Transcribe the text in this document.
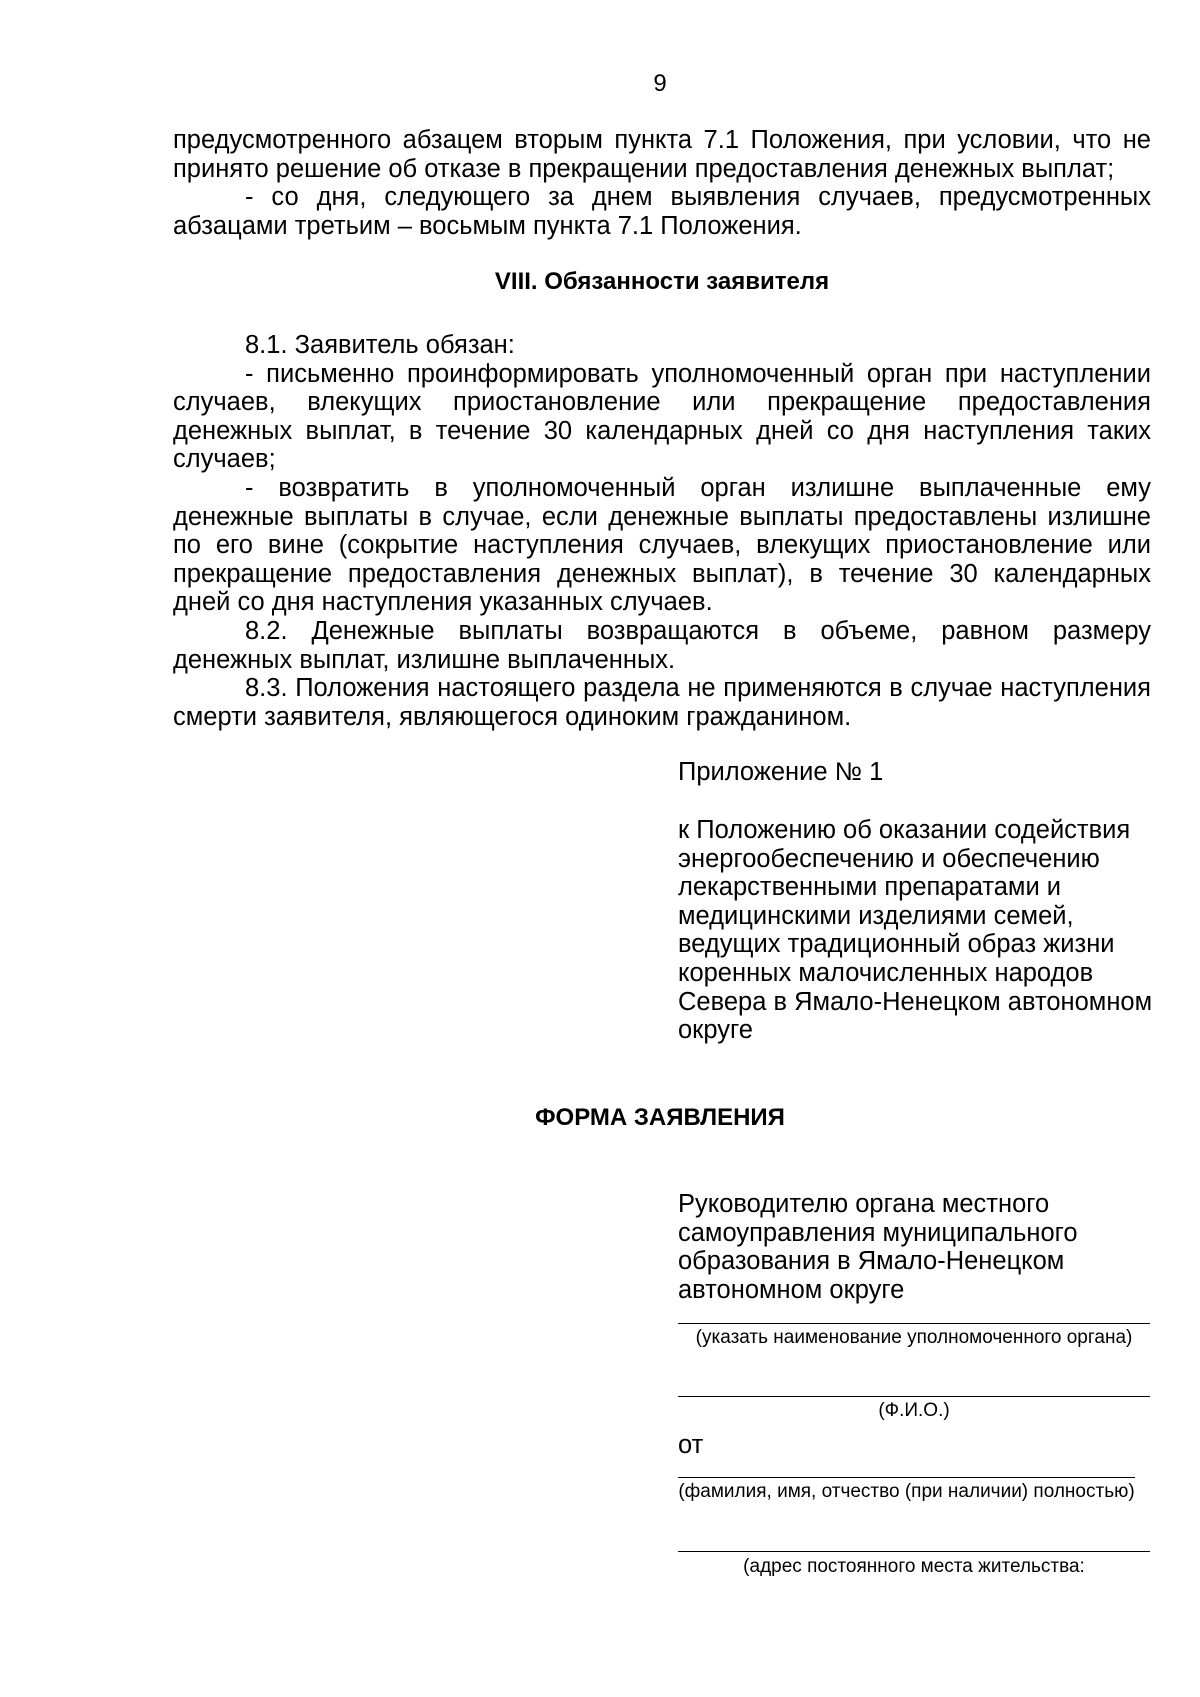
9

предусмотренного абзацем вторым пункта 7.1 Положения, при условии, что не принято решение об отказе в прекращении предоставления денежных выплат;

- со дня, следующего за днем выявления случаев, предусмотренных абзацами третьим – восьмым пункта 7.1 Положения.

VIII. Обязанности заявителя

8.1. Заявитель обязан:

- письменно проинформировать уполномоченный орган при наступлении случаев, влекущих приостановление или прекращение предоставления денежных выплат, в течение 30 календарных дней со дня наступления таких случаев;

- возвратить в уполномоченный орган излишне выплаченные ему денежные выплаты в случае, если денежные выплаты предоставлены излишне по его вине (сокрытие наступления случаев, влекущих приостановление или прекращение предоставления денежных выплат), в течение 30 календарных дней со дня наступления указанных случаев.

8.2. Денежные выплаты возвращаются в объеме, равном размеру денежных выплат, излишне выплаченных.

8.3. Положения настоящего раздела не применяются в случае наступления смерти заявителя, являющегося одиноким гражданином.

Приложение № 1
к Положению об оказании содействия энергообеспечению и обеспечению лекарственными препаратами и медицинскими изделиями семей, ведущих традиционный образ жизни коренных малочисленных народов Севера в Ямало-Ненецком автономном округе
ФОРМА ЗАЯВЛЕНИЯ
Руководителю органа местного самоуправления муниципального образования в Ямало-Ненецком автономном округе
(указать наименование уполномоченного органа)
(Ф.И.О.)
от
(фамилия, имя, отчество (при наличии) полностью)
(адрес постоянного места жительства:
